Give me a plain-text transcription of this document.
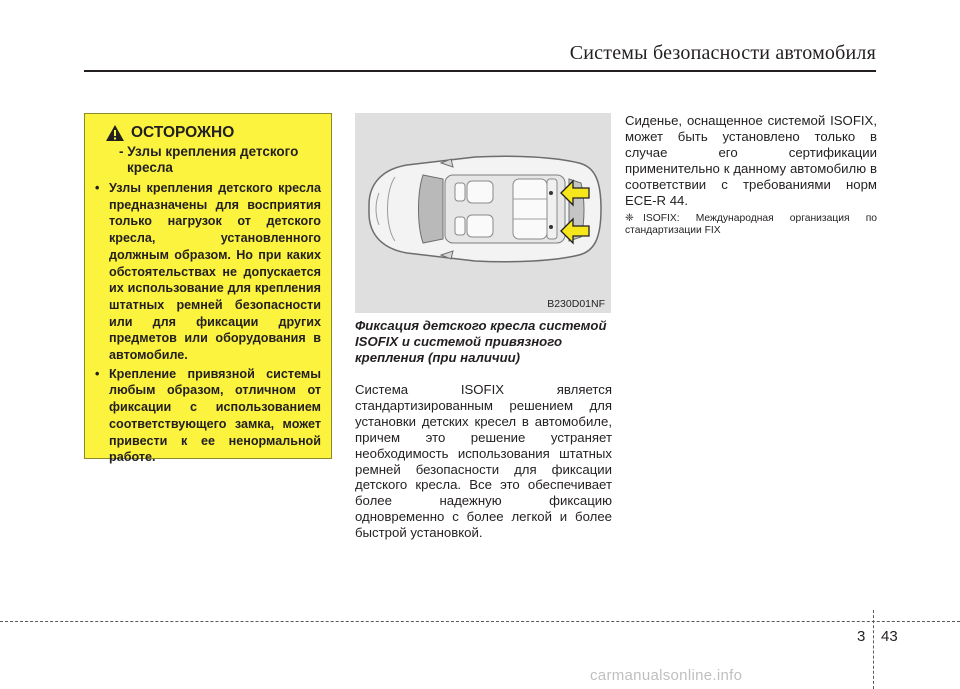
Системы безопасности автомобиля
ОСТОРОЖНО
- Узлы крепления детского кресла
• Узлы крепления детского кресла предназначены для восприятия только нагрузок от детского кресла, установленного должным образом. Но при каких обстоятельствах не допускается их использование для крепления штатных ремней безопасности или для фиксации других предметов или оборудования в автомобиле.
• Крепление привязной системы любым образом, отличном от фиксации с использованием соответствующего замка, может привести к ее ненормальной работе.
B230D01NF
Фиксация детского кресла системой ISOFIX и системой привязного крепления (при наличии)
Система ISOFIX является стандартизированным решением для установки детских кресел в автомобиле, причем это решение устраняет необходимость использования штатных ремней безопасности для фиксации детского кресла. Все это обеспечивает более надежную фиксацию одновременно с более легкой и более быстрой установкой.
Сиденье, оснащенное системой ISOFIX, может быть установлено только в случае его сертификации применительно к данному автомобилю в соответствии с требованиями норм ECE-R 44.
❈ ISOFIX: Международная организация по стандартизации FIX
3 43
carmanualsonline.info
